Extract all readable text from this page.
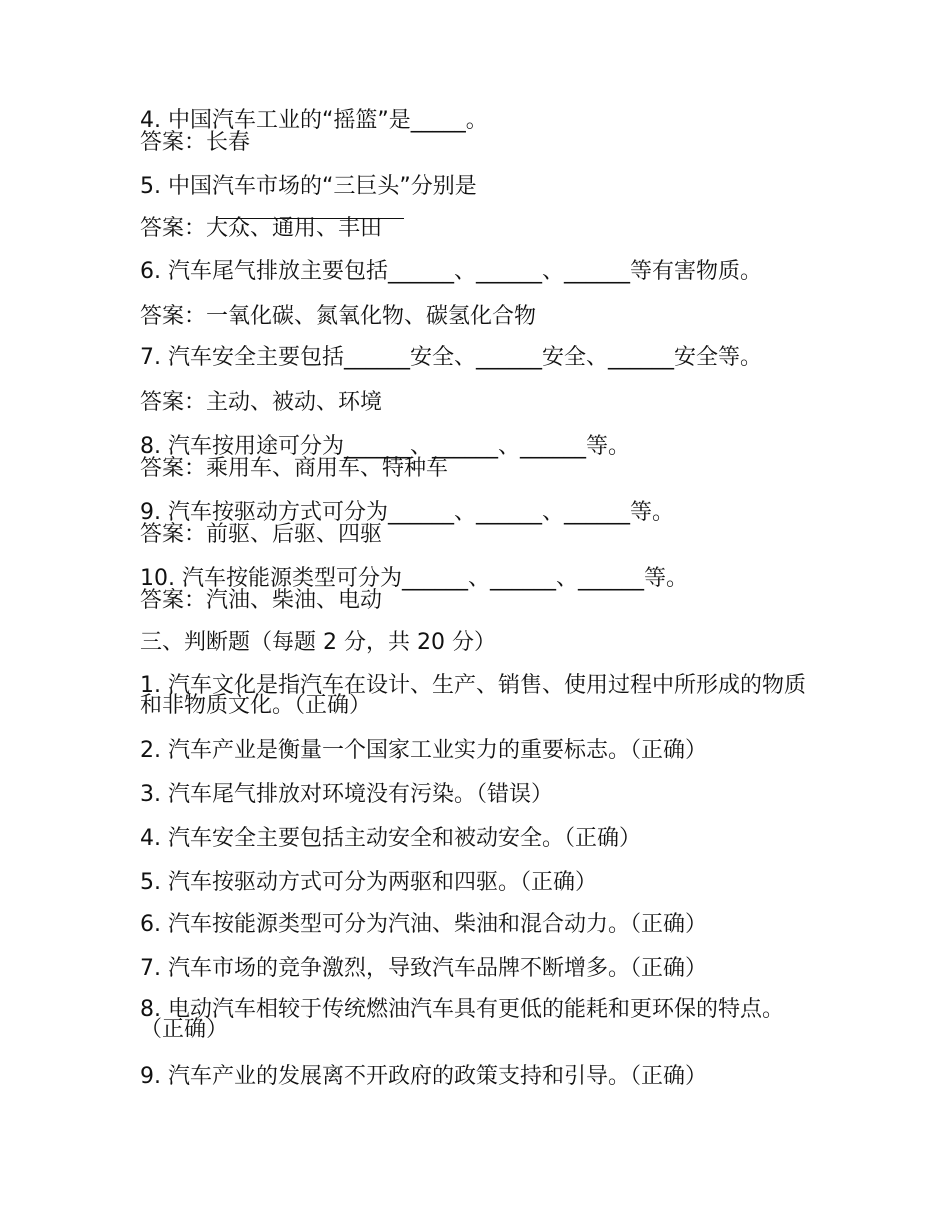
4. 中国汽车工业的“摇篮”是_____。
答案：长春
5. 中国汽车市场的“三巨头”分别是
答案：大众、通用、丰田
6. 汽车尾气排放主要包括______、______、______等有害物质。
答案：一氧化碳、氮氧化物、碳氢化合物
7. 汽车安全主要包括______安全、______安全、______安全等。
答案：主动、被动、环境
8. 汽车按用途可分为______、______、______等。
答案：乘用车、商用车、特种车
9. 汽车按驱动方式可分为______、______、______等。
答案：前驱、后驱、四驱
10. 汽车按能源类型可分为______、______、______等。
答案：汽油、柴油、电动
三、判断题（每题 2 分，共 20 分）
1. 汽车文化是指汽车在设计、生产、销售、使用过程中所形成的物质和非物质文化。（正确）
2. 汽车产业是衡量一个国家工业实力的重要标志。（正确）
3. 汽车尾气排放对环境没有污染。（错误）
4. 汽车安全主要包括主动安全和被动安全。（正确）
5. 汽车按驱动方式可分为两驱和四驱。（正确）
6. 汽车按能源类型可分为汽油、柴油和混合动力。（正确）
7. 汽车市场的竞争激烈，导致汽车品牌不断增多。（正确）
8. 电动汽车相较于传统燃油汽车具有更低的能耗和更环保的特点。（正确）
9. 汽车产业的发展离不开政府的政策支持和引导。（正确）
